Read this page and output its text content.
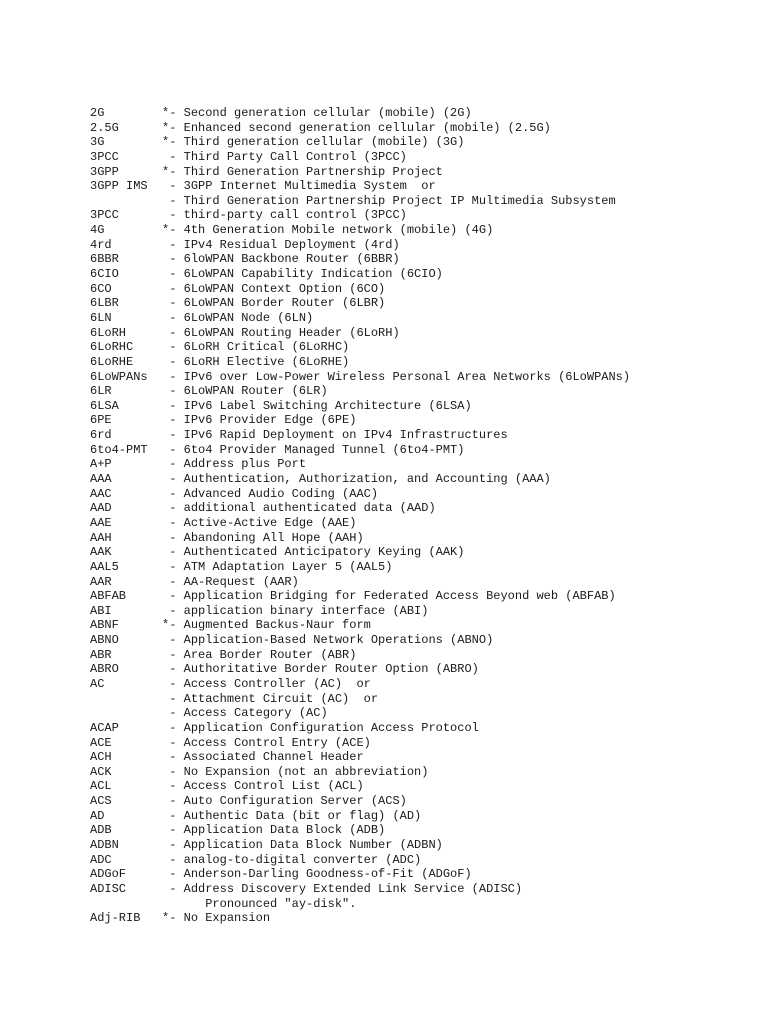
2G        *- Second generation cellular (mobile) (2G)
2.5G      *- Enhanced second generation cellular (mobile) (2.5G)
3G        *- Third generation cellular (mobile) (3G)
3PCC       - Third Party Call Control (3PCC)
3GPP      *- Third Generation Partnership Project
3GPP IMS   - 3GPP Internet Multimedia System  or
- Third Generation Partnership Project IP Multimedia Subsystem
3PCC       - third-party call control (3PCC)
4G        *- 4th Generation Mobile network (mobile) (4G)
4rd        - IPv4 Residual Deployment (4rd)
6BBR       - 6loWPAN Backbone Router (6BBR)
6CIO       - 6LoWPAN Capability Indication (6CIO)
6CO        - 6LoWPAN Context Option (6CO)
6LBR       - 6LoWPAN Border Router (6LBR)
6LN        - 6LoWPAN Node (6LN)
6LoRH      - 6LoWPAN Routing Header (6LoRH)
6LoRHC     - 6LoRH Critical (6LoRHC)
6LoRHE     - 6LoRH Elective (6LoRHE)
6LoWPANs   - IPv6 over Low-Power Wireless Personal Area Networks (6LoWPANs)
6LR        - 6LoWPAN Router (6LR)
6LSA       - IPv6 Label Switching Architecture (6LSA)
6PE        - IPv6 Provider Edge (6PE)
6rd        - IPv6 Rapid Deployment on IPv4 Infrastructures
6to4-PMT   - 6to4 Provider Managed Tunnel (6to4-PMT)
A+P        - Address plus Port
AAA        - Authentication, Authorization, and Accounting (AAA)
AAC        - Advanced Audio Coding (AAC)
AAD        - additional authenticated data (AAD)
AAE        - Active-Active Edge (AAE)
AAH        - Abandoning All Hope (AAH)
AAK        - Authenticated Anticipatory Keying (AAK)
AAL5       - ATM Adaptation Layer 5 (AAL5)
AAR        - AA-Request (AAR)
ABFAB      - Application Bridging for Federated Access Beyond web (ABFAB)
ABI        - application binary interface (ABI)
ABNF      *- Augmented Backus-Naur form
ABNO       - Application-Based Network Operations (ABNO)
ABR        - Area Border Router (ABR)
ABRO       - Authoritative Border Router Option (ABRO)
AC         - Access Controller (AC)  or
- Attachment Circuit (AC)  or
- Access Category (AC)
ACAP       - Application Configuration Access Protocol
ACE        - Access Control Entry (ACE)
ACH        - Associated Channel Header
ACK        - No Expansion (not an abbreviation)
ACL        - Access Control List (ACL)
ACS        - Auto Configuration Server (ACS)
AD         - Authentic Data (bit or flag) (AD)
ADB        - Application Data Block (ADB)
ADBN       - Application Data Block Number (ADBN)
ADC        - analog-to-digital converter (ADC)
ADGoF      - Anderson-Darling Goodness-of-Fit (ADGoF)
ADISC      - Address Discovery Extended Link Service (ADISC)
Pronounced "ay-disk".
Adj-RIB   *- No Expansion
